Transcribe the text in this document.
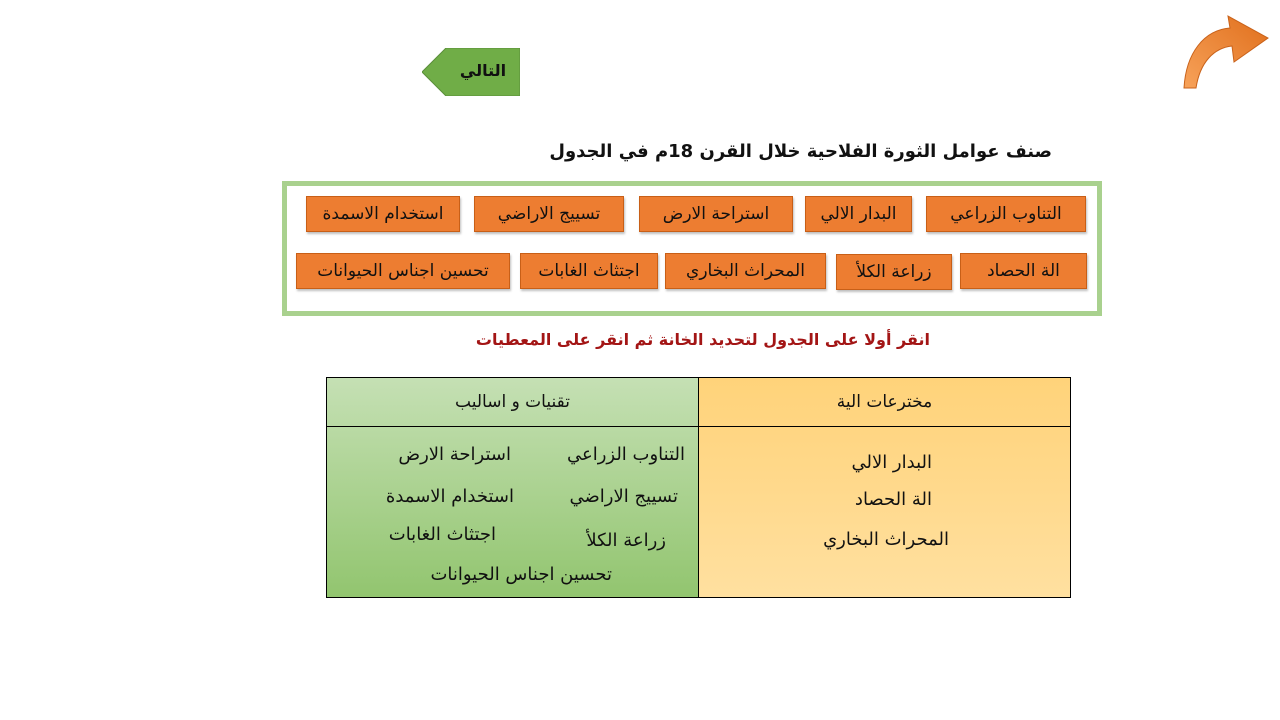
التالي
صنف عوامل الثورة الفلاحية خلال القرن 18م في الجدول
التناوب الزراعي
البدار الالي
استراحة الارض
تسييج الاراضي
استخدام الاسمدة
الة الحصاد
زراعة الكلأ
المحراث البخاري
اجتثاث الغابات
تحسين اجناس الحيوانات
انقر أولا على الجدول لتحديد الخانة ثم انقر على المعطيات
تقنيات و اساليب
التناوب الزراعي
استراحة الارض
تسييج الاراضي
استخدام الاسمدة
زراعة الكلأ
اجتثاث الغابات
تحسين اجناس الحيوانات
مخترعات الية
البدار الالي
الة الحصاد
المحراث البخاري
